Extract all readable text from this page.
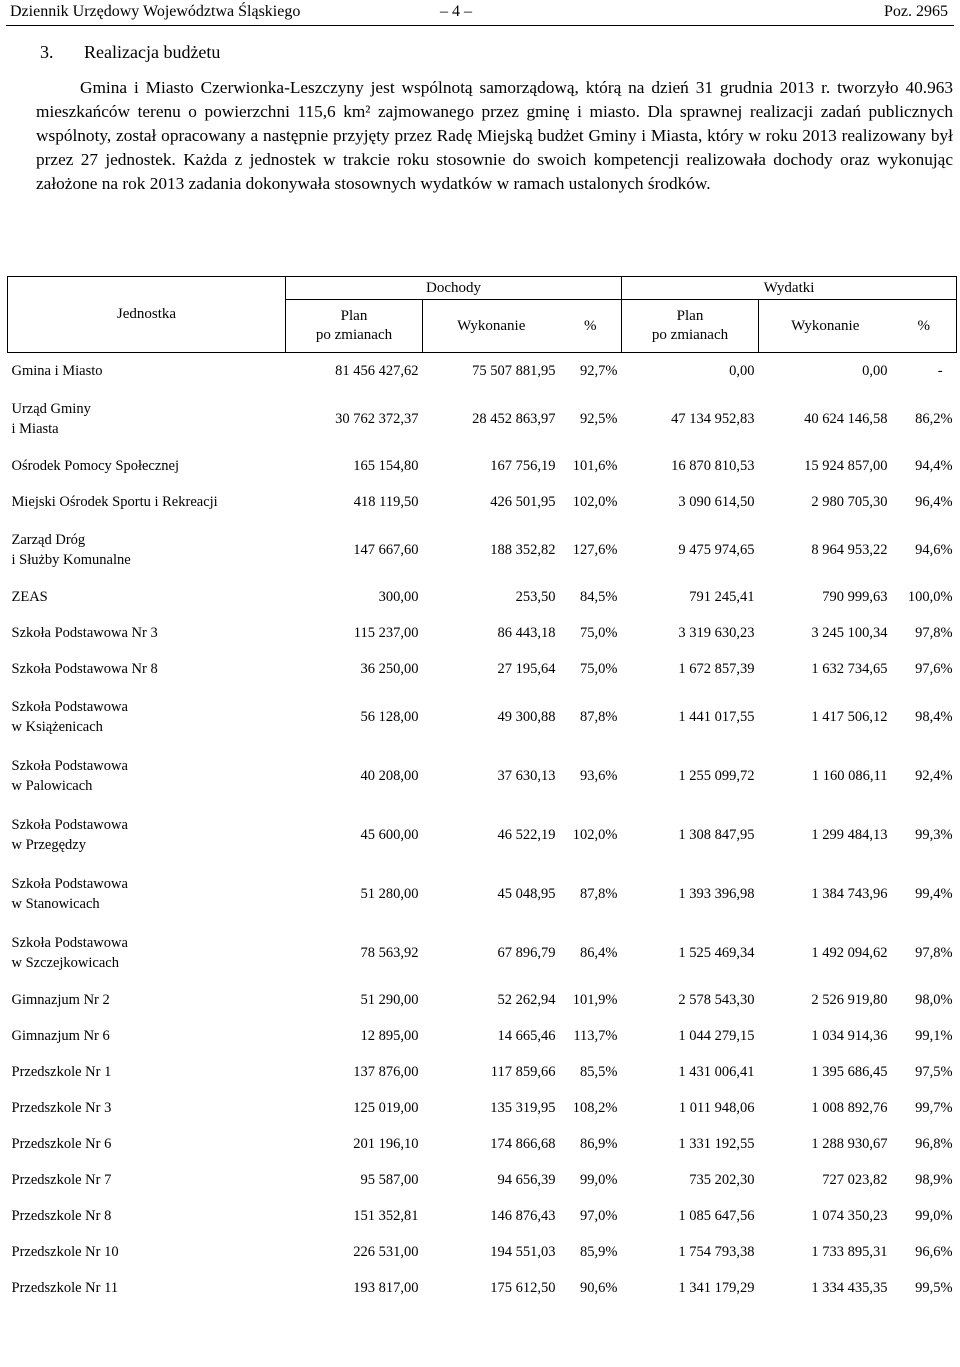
Dziennik Urzędowy Województwa Śląskiego	– 4 –	Poz. 2965
3. Realizacja budżetu
Gmina i Miasto Czerwionka-Leszczyny jest wspólnotą samorządową, którą na dzień 31 grudnia 2013 r. tworzyło 40.963 mieszkańców terenu o powierzchni 115,6 km² zajmowanego przez gminę i miasto. Dla sprawnej realizacji zadań publicznych wspólnoty, został opracowany a następnie przyjęty przez Radę Miejską budżet Gminy i Miasta, który w roku 2013 realizowany był przez 27 jednostek. Każda z jednostek w trakcie roku stosownie do swoich kompetencji realizowała dochody oraz wykonując założone na rok 2013 zadania dokonywała stosownych wydatków w ramach ustalonych środków.
Jednostka	Dochody			Wydatki		
	Plan
po zmianach	Wykonanie	%	Plan
po zmianach	Wykonanie	%
Gmina i Miasto	81 456 427,62	75 507 881,95	92,7%	0,00	0,00	-
Urząd Gminy
i Miasta	30 762 372,37	28 452 863,97	92,5%	47 134 952,83	40 624 146,58	86,2%
Ośrodek Pomocy Społecznej	165 154,80	167 756,19	101,6%	16 870 810,53	15 924 857,00	94,4%
Miejski Ośrodek Sportu i Rekreacji	418 119,50	426 501,95	102,0%	3 090 614,50	2 980 705,30	96,4%
Zarząd Dróg
i Służby Komunalne	147 667,60	188 352,82	127,6%	9 475 974,65	8 964 953,22	94,6%
ZEAS	300,00	253,50	84,5%	791 245,41	790 999,63	100,0%
Szkoła Podstawowa Nr 3	115 237,00	86 443,18	75,0%	3 319 630,23	3 245 100,34	97,8%
Szkoła Podstawowa Nr 8	36 250,00	27 195,64	75,0%	1 672 857,39	1 632 734,65	97,6%
Szkoła Podstawowa
w Książenicach	56 128,00	49 300,88	87,8%	1 441 017,55	1 417 506,12	98,4%
Szkoła Podstawowa
w Palowicach	40 208,00	37 630,13	93,6%	1 255 099,72	1 160 086,11	92,4%
Szkoła Podstawowa
w Przegędzy	45 600,00	46 522,19	102,0%	1 308 847,95	1 299 484,13	99,3%
Szkoła Podstawowa
w Stanowicach	51 280,00	45 048,95	87,8%	1 393 396,98	1 384 743,96	99,4%
Szkoła Podstawowa
w Szczejkowicach	78 563,92	67 896,79	86,4%	1 525 469,34	1 492 094,62	97,8%
Gimnazjum Nr 2	51 290,00	52 262,94	101,9%	2 578 543,30	2 526 919,80	98,0%
Gimnazjum Nr 6	12 895,00	14 665,46	113,7%	1 044 279,15	1 034 914,36	99,1%
Przedszkole Nr 1	137 876,00	117 859,66	85,5%	1 431 006,41	1 395 686,45	97,5%
Przedszkole Nr 3	125 019,00	135 319,95	108,2%	1 011 948,06	1 008 892,76	99,7%
Przedszkole Nr 6	201 196,10	174 866,68	86,9%	1 331 192,55	1 288 930,67	96,8%
Przedszkole Nr 7	95 587,00	94 656,39	99,0%	735 202,30	727 023,82	98,9%
Przedszkole Nr 8	151 352,81	146 876,43	97,0%	1 085 647,56	1 074 350,23	99,0%
Przedszkole Nr 10	226 531,00	194 551,03	85,9%	1 754 793,38	1 733 895,31	96,6%
Przedszkole Nr 11	193 817,00	175 612,50	90,6%	1 341 179,29	1 334 435,35	99,5%
